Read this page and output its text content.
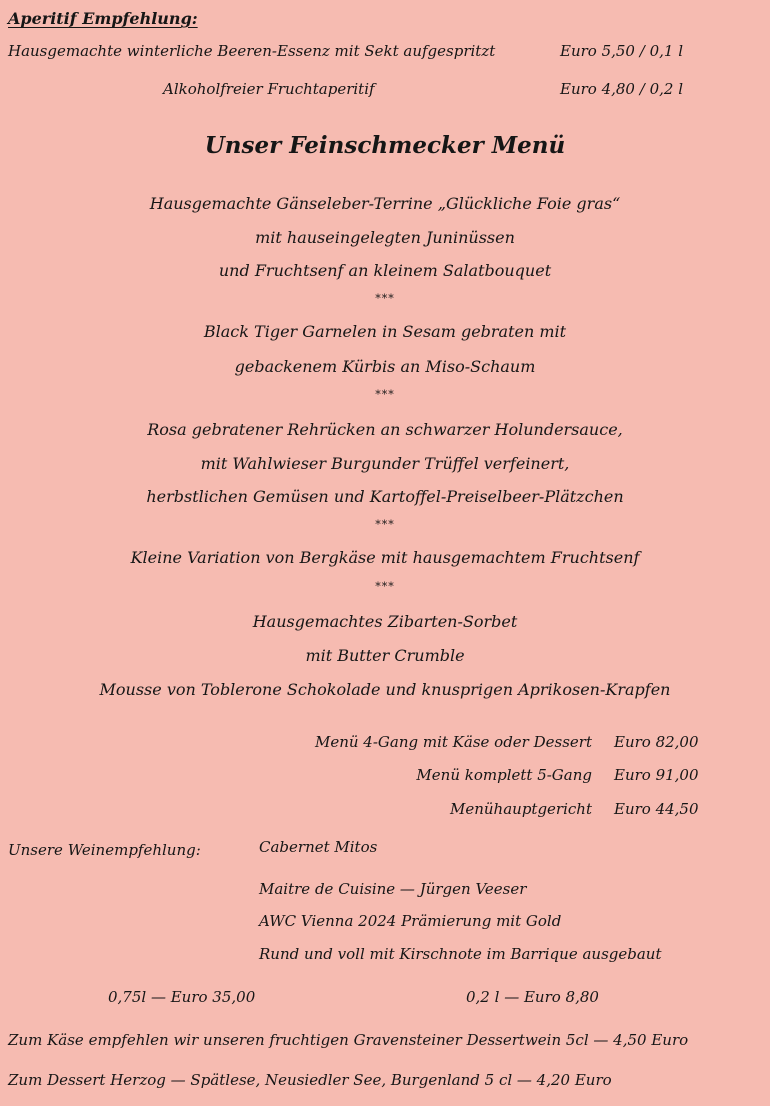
Aperitif Empfehlung:
Hausgemachte winterliche Beeren-Essenz mit Sekt aufgespritzt	Euro 5,50 / 0,1 l
Alkoholfreier Fruchtaperitif	Euro 4,80 / 0,2 l
Unser Feinschmecker Menü
Hausgemachte Gänseleber-Terrine „Glückliche Foie gras“
mit hauseingelegten Juninüssen
und Fruchtsenf an kleinem Salatbouquet
***
Black Tiger Garnelen in Sesam gebraten mit
gebackenem Kürbis an Miso-Schaum
***
Rosa gebratener Rehrücken an schwarzer Holundersauce,
mit Wahlwieser Burgunder Trüffel verfeinert,
herbstlichen Gemüsen und Kartoffel-Preiselbeer-Plätzchen
***
Kleine Variation von Bergkäse mit hausgemachtem Fruchtsenf
***
Hausgemachtes Zibarten-Sorbet
mit Butter Crumble
Mousse von Toblerone Schokolade und knusprigen Aprikosen-Krapfen
Menü 4-Gang mit Käse oder Dessert Euro 82,00
Menü komplett 5-Gang Euro 91,00
Menühauptgericht Euro 44,50
Unsere Weinempfehlung:	Cabernet Mitos
Maitre de Cuisine — Jürgen Veeser
AWC Vienna 2024 Prämierung mit Gold
Rund und voll mit Kirschnote im Barrique ausgebaut
0,75l — Euro 35,00	0,2 l — Euro 8,80
Zum Käse empfehlen wir unseren fruchtigen Gravensteiner Dessertwein 5cl — 4,50 Euro
Zum Dessert Herzog — Spätlese, Neusiedler See, Burgenland 5 cl — 4,20 Euro
